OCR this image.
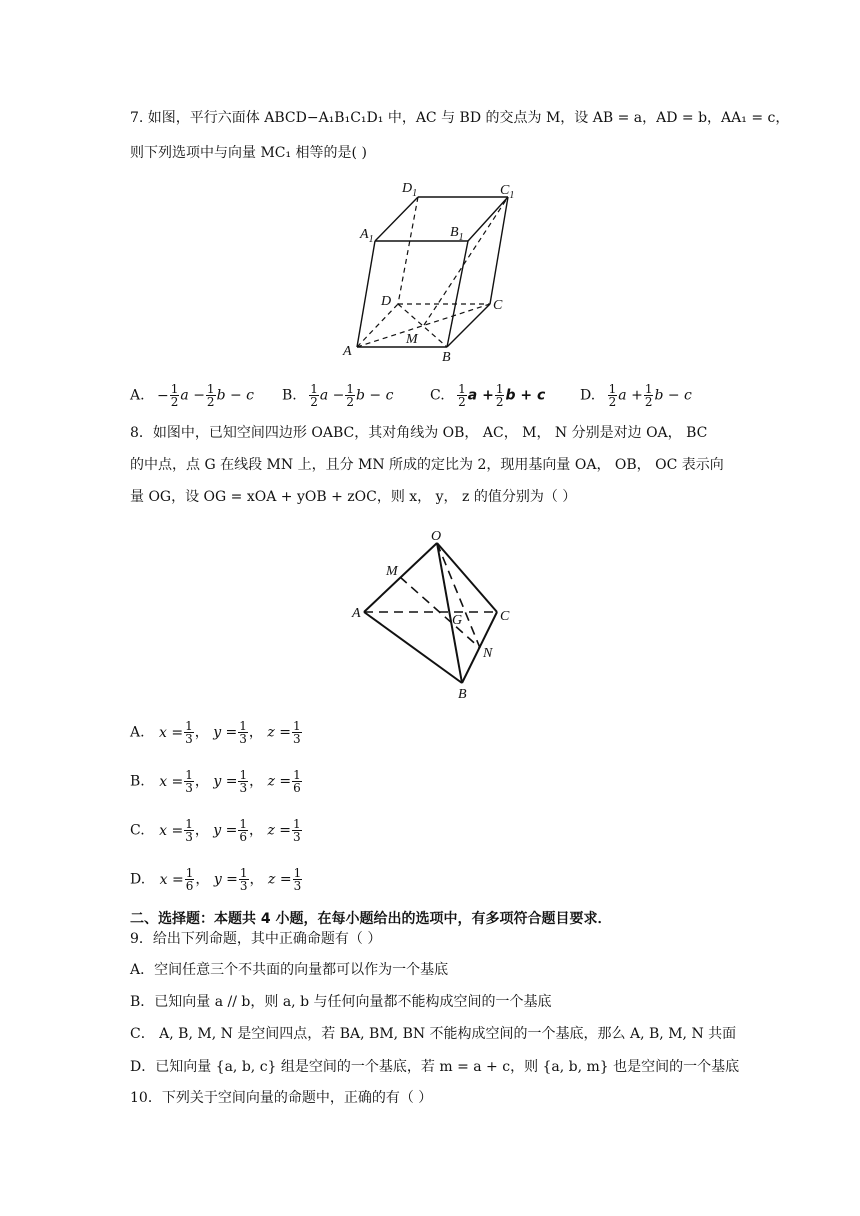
7. 如图，平行六面体 ABCD−A₁B₁C₁D₁ 中，AC 与 BD 的交点为 M，设 AB = a，AD = b，AA₁ = c，
则下列选项中与向量 MC₁ 相等的是( )
$D_1$	$C_1$
$A_1$	$B_1$
D	C
A	B
M
O
M
A	G	C
N
B
A. − $\frac{1}{2}$ $a - \frac{1}{2}$ b − c B. $\frac{1}{2}$ $a - \frac{1}{2}$ b − c	C. $\frac{1}{2}$ $a + \frac{1}{2}$ b + c D. $\frac{1}{2}$ $a + \frac{1}{2}$ b − c
8．如图中，已知空间四边形 OABC，其对角线为 OB， AC， M， N 分别是对边 OA， BC
的中点，点 G 在线段 MN 上，且分 MN 所成的定比为 2，现用基向量 OA， OB， OC 表示向
量 OG，设 OG = xOA + yOB + zOC，则 x， y， z 的值分别为（ ）
A. $x = \frac{1}{3}$ ， $y = \frac{1}{3}$ ， $z = \frac{1}{3}$
B. $x = \frac{1}{3}$ ， $y = \frac{1}{3}$ ， $z = \frac{1}{6}$
C. $x = \frac{1}{3}$ ， $y = \frac{1}{6}$ ， $z = \frac{1}{3}$
D. $x = \frac{1}{6}$ ， $y = \frac{1}{3}$ ， $z = \frac{1}{3}$
二、选择题：本题共 4 小题，在每小题给出的选项中，有多项符合题目要求．
9．给出下列命题，其中正确命题有（ ）
A．空间任意三个不共面的向量都可以作为一个基底
B．已知向量 a // b，则 a, b 与任何向量都不能构成空间的一个基底
C． A, B, M, N 是空间四点，若 BA, BM, BN 不能构成空间的一个基底，那么 A, B, M, N 共面
D．已知向量 {a, b, c} 组是空间的一个基底，若 m = a + c，则 {a, b, m} 也是空间的一个基底
10．下列关于空间向量的命题中，正确的有（ ）
